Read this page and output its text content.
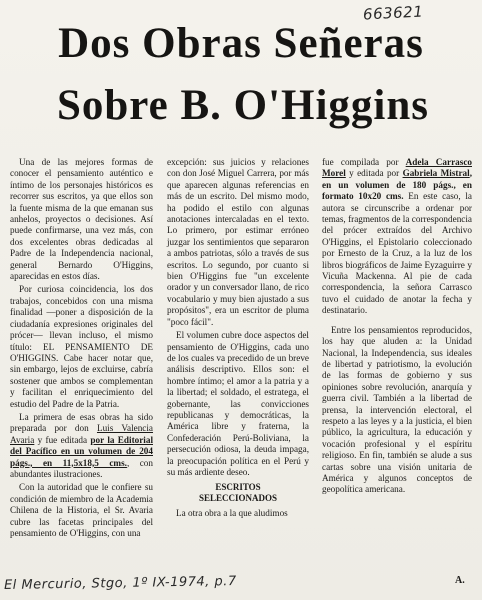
663621
Dos Obras Señeras
Sobre B. O'Higgins

Una de las mejores formas de conocer el pensamiento auténtico e íntimo de los personajes históricos es recorrer sus escritos, ya que ellos son la fuente misma de la que emanan sus anhelos, proyectos o decisiones. Así puede confirmarse, una vez más, con dos excelentes obras dedicadas al Padre de la Independencia nacional, general Bernardo O'Higgins, aparecidas en estos días.

Por curiosa coincidencia, los dos trabajos, concebidos con una misma finalidad —poner a disposición de la ciudadanía expresiones originales del prócer— llevan incluso, el mismo título: EL PENSAMIENTO DE O'HIGGINS. Cabe hacer notar que, sin embargo, lejos de excluirse, cabría sostener que ambos se complementan y facilitan el enriquecimiento del estudio del Padre de la Patria.

La primera de esas obras ha sido preparada por don Luis Valencia Avaria y fue editada por la Editorial del Pacífico en un volumen de 204 págs., en 11,5x18,5 cms., con abundantes ilustraciones.

Con la autoridad que le confiere su condición de miembro de la Academia Chilena de la Historia, el Sr. Avaria cubre las facetas principales del pensamiento de O'Higgins, con una

excepción: sus juicios y relaciones con don José Miguel Carrera, por más que aparecen algunas referencias en más de un escrito. Del mismo modo, ha podido el estilo con algunas anotaciones intercaladas en el texto. Lo primero, por estimar erróneo juzgar los sentimientos que separaron a ambos patriotas, sólo a través de sus escritos. Lo segundo, por cuanto si bien O'Higgins fue "un excelente orador y un conversador llano, de rico vocabulario y muy bien ajustado a sus propósitos", era un escritor de pluma "poco fácil".

El volumen cubre doce aspectos del pensamiento de O'Higgins, cada uno de los cuales va precedido de un breve análisis descriptivo. Ellos son: el hombre íntimo; el amor a la patria y a la libertad; el soldado, el estratega, el gobernante, las convicciones republicanas y democráticas, la América libre y fraterna, la Confederación Perú-Boliviana, la persecución odiosa, la deuda impaga, la preocupación política en el Perú y su más ardiente deseo.

ESCRITOS
SELECCIONADOS

La otra obra a la que aludimos

fue compilada por Adela Carrasco Morel y editada por Gabriela Mistral, en un volumen de 180 págs., en formato 10x20 cms. En este caso, la autora se circunscribe a ordenar por temas, fragmentos de la correspondencia del prócer extraídos del Archivo O'Higgins, el Epistolario coleccionado por Ernesto de la Cruz, a la luz de los libros biográficos de Jaime Eyzaguirre y Vicuña Mackenna. Al pie de cada correspondencia, la señora Carrasco tuvo el cuidado de anotar la fecha y destinatario.

Entre los pensamientos reproducidos, los hay que aluden a: la Unidad Nacional, la Independencia, sus ideales de libertad y patriotismo, la evolución de las formas de gobierno y sus opiniones sobre revolución, anarquía y guerra civil. También a la libertad de prensa, la intervención electoral, el respeto a las leyes y a la justicia, el bien público, la agricultura, la educación y vocación profesional y el espíritu religioso. En fin, también se alude a sus cartas sobre una visión unitaria de América y algunos conceptos de geopolítica americana.

El Mercurio, Stgo, 1º IX-1974, p.7	A.
